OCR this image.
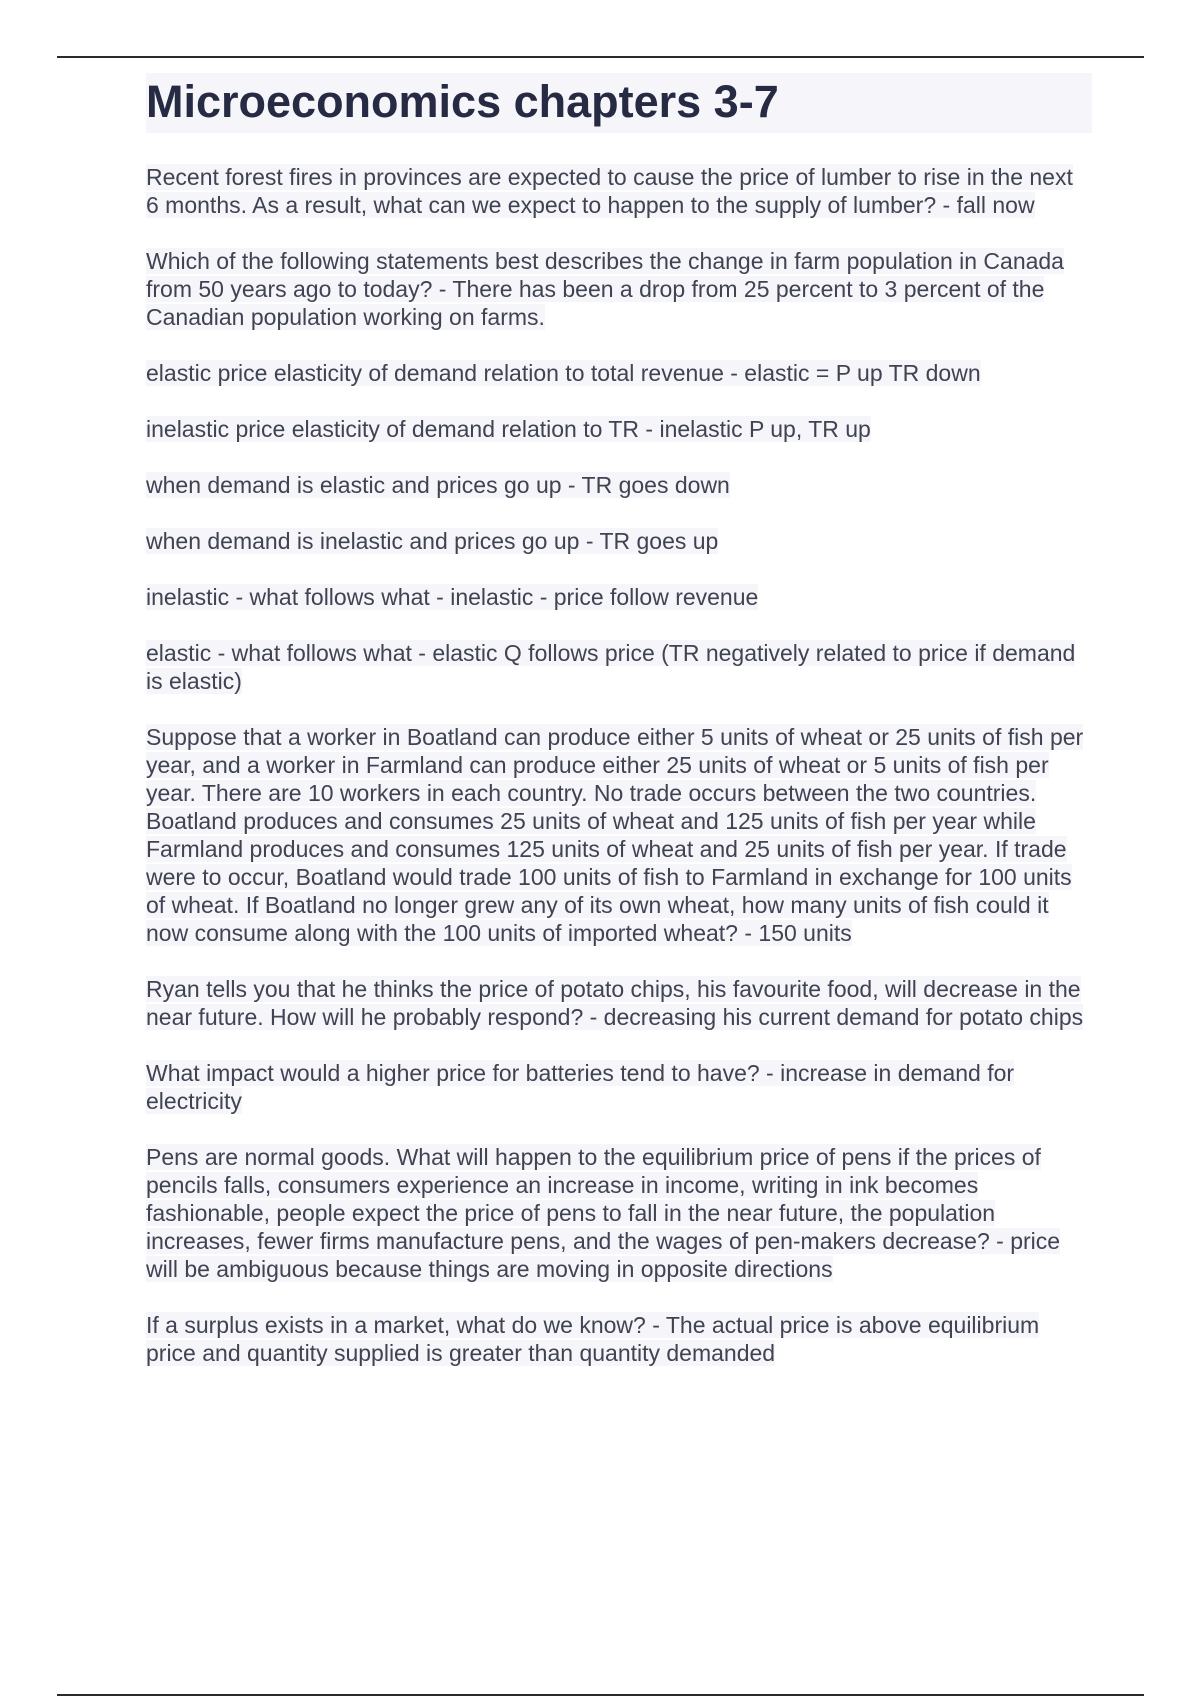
Microeconomics chapters 3-7
Recent forest fires in provinces are expected to cause the price of lumber to rise in the next 6 months. As a result, what can we expect to happen to the supply of lumber? - fall now
Which of the following statements best describes the change in farm population in Canada from 50 years ago to today? - There has been a drop from 25 percent to 3 percent of the Canadian population working on farms.
elastic price elasticity of demand relation to total revenue - elastic = P up TR down
inelastic price elasticity of demand relation to TR - inelastic P up, TR up
when demand is elastic and prices go up - TR goes down
when demand is inelastic and prices go up - TR goes up
inelastic - what follows what - inelastic - price follow revenue
elastic - what follows what - elastic Q follows price (TR negatively related to price if demand is elastic)
Suppose that a worker in Boatland can produce either 5 units of wheat or 25 units of fish per year, and a worker in Farmland can produce either 25 units of wheat or 5 units of fish per year. There are 10 workers in each country. No trade occurs between the two countries. Boatland produces and consumes 25 units of wheat and 125 units of fish per year while Farmland produces and consumes 125 units of wheat and 25 units of fish per year. If trade were to occur, Boatland would trade 100 units of fish to Farmland in exchange for 100 units of wheat. If Boatland no longer grew any of its own wheat, how many units of fish could it now consume along with the 100 units of imported wheat? - 150 units
Ryan tells you that he thinks the price of potato chips, his favourite food, will decrease in the near future. How will he probably respond? - decreasing his current demand for potato chips
What impact would a higher price for batteries tend to have? - increase in demand for electricity
Pens are normal goods. What will happen to the equilibrium price of pens if the prices of pencils falls, consumers experience an increase in income, writing in ink becomes fashionable, people expect the price of pens to fall in the near future, the population increases, fewer firms manufacture pens, and the wages of pen-makers decrease? - price will be ambiguous because things are moving in opposite directions
If a surplus exists in a market, what do we know? - The actual price is above equilibrium price and quantity supplied is greater than quantity demanded
